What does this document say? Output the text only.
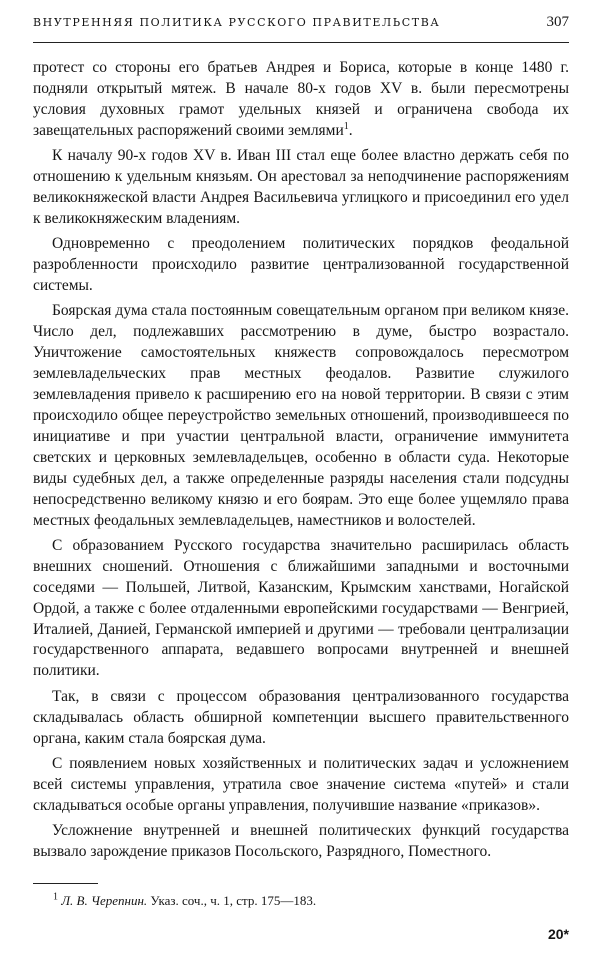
ВНУТРЕННЯЯ ПОЛИТИКА РУССКОГО ПРАВИТЕЛЬСТВА	307

протест со стороны его братьев Андрея и Бориса, которые в конце 1480 г. подняли открытый мятеж. В начале 80-х годов XV в. были пересмотрены условия духовных грамот удельных князей и ограничена свобода их завещательных распоряжений своими землями$^1$.

К началу 90-х годов XV в. Иван III стал еще более властно держать себя по отношению к удельным князьям. Он арестовал за неподчинение распоряжениям великокняжеской власти Андрея Васильевича углицкого и присоединил его удел к великокняжеским владениям.

Одновременно с преодолением политических порядков феодальной разробленности происходило развитие централизованной государственной системы.

Боярская дума стала постоянным совещательным органом при великом князе. Число дел, подлежавших рассмотрению в думе, быстро возрастало. Уничтожение самостоятельных княжеств сопровождалось пересмотром землевладельческих прав местных феодалов. Развитие служилого землевладения привело к расширению его на новой территории. В связи с этим происходило общее переустройство земельных отношений, производившееся по инициативе и при участии центральной власти, ограничение иммунитета светских и церковных землевладельцев, особенно в области суда. Некоторые виды судебных дел, а также определенные разряды населения стали подсудны непосредственно великому князю и его боярам. Это еще более ущемляло права местных феодальных землевладельцев, наместников и волостелей.

С образованием Русского государства значительно расширилась область внешних сношений. Отношения с ближайшими западными и восточными соседями — Польшей, Литвой, Казанским, Крымским ханствами, Ногайской Ордой, а также с более отдаленными европейскими государствами — Венгрией, Италией, Данией, Германской империей и другими — требовали централизации государственного аппарата, ведавшего вопросами внутренней и внешней политики.

Так, в связи с процессом образования централизованного государства складывалась область обширной компетенции высшего правительственного органа, каким стала боярская дума.

С появлением новых хозяйственных и политических задач и усложнением всей системы управления, утратила свое значение система «путей» и стали складываться особые органы управления, получившие название «приказов».

Усложнение внутренней и внешней политических функций государства вызвало зарождение приказов Посольского, Разрядного, Поместного.

$^1$ Л. В. Черепнин. Указ. соч., ч. 1, стр. 175—183.
20*
